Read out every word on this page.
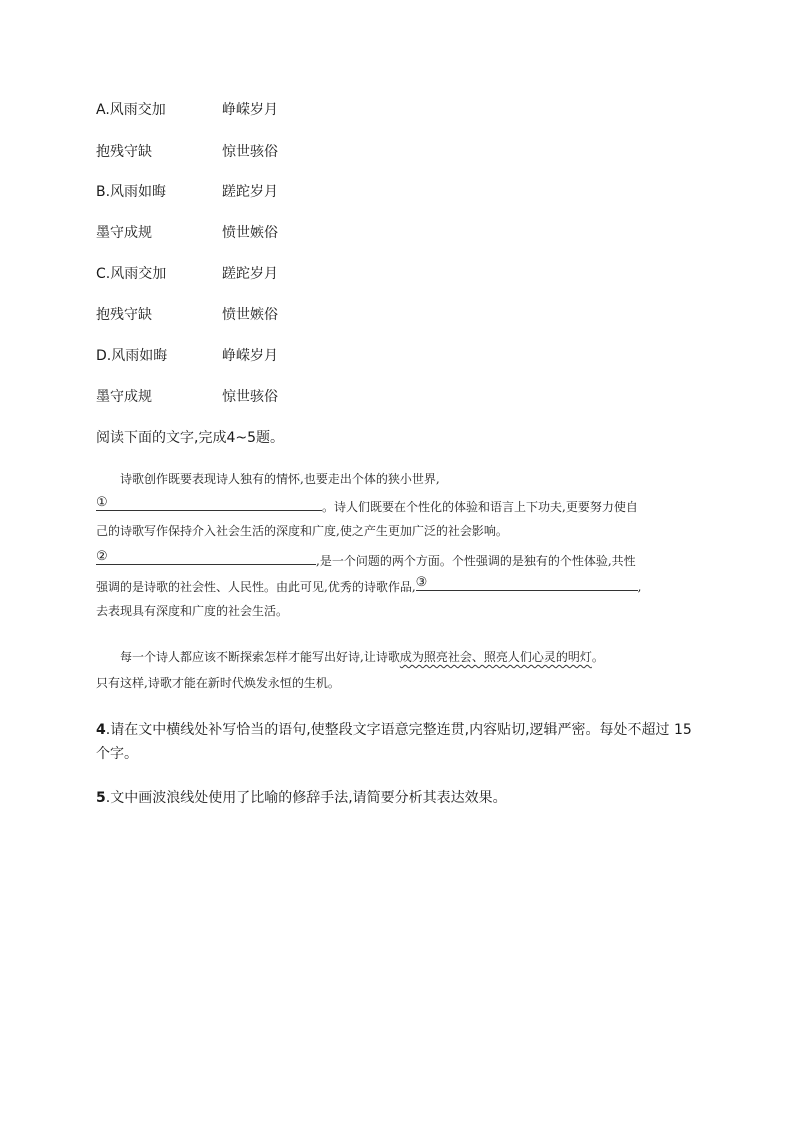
A.风雨交加	峥嵘岁月
抱残守缺	惊世骇俗
B.风雨如晦	蹉跎岁月
墨守成规	愤世嫉俗
C.风雨交加	蹉跎岁月
抱残守缺	愤世嫉俗
D.风雨如晦	峥嵘岁月
墨守成规	惊世骇俗
阅读下面的文字,完成4~5题。
诗歌创作既要表现诗人独有的情怀,也要走出个体的狭小世界,
①	。诗人们既要在个性化的体验和语言上下功夫,更要努力使自
己的诗歌写作保持介入社会生活的深度和广度,使之产生更加广泛的社会影响。
②	,是一个问题的两个方面。个性强调的是独有的个性体验,共性
强调的是诗歌的社会性、人民性。由此可见,优秀的诗歌作品, ③	,
去表现具有深度和广度的社会生活。
每一个诗人都应该不断探索怎样才能写出好诗,让诗歌成为照亮社会、照亮人们心灵的明灯。
只有这样,诗歌才能在新时代焕发永恒的生机。
4.请在文中横线处补写恰当的语句,使整段文字语意完整连贯,内容贴切,逻辑严密。每处不超过 15个字。
5.文中画波浪线处使用了比喻的修辞手法,请简要分析其表达效果。
